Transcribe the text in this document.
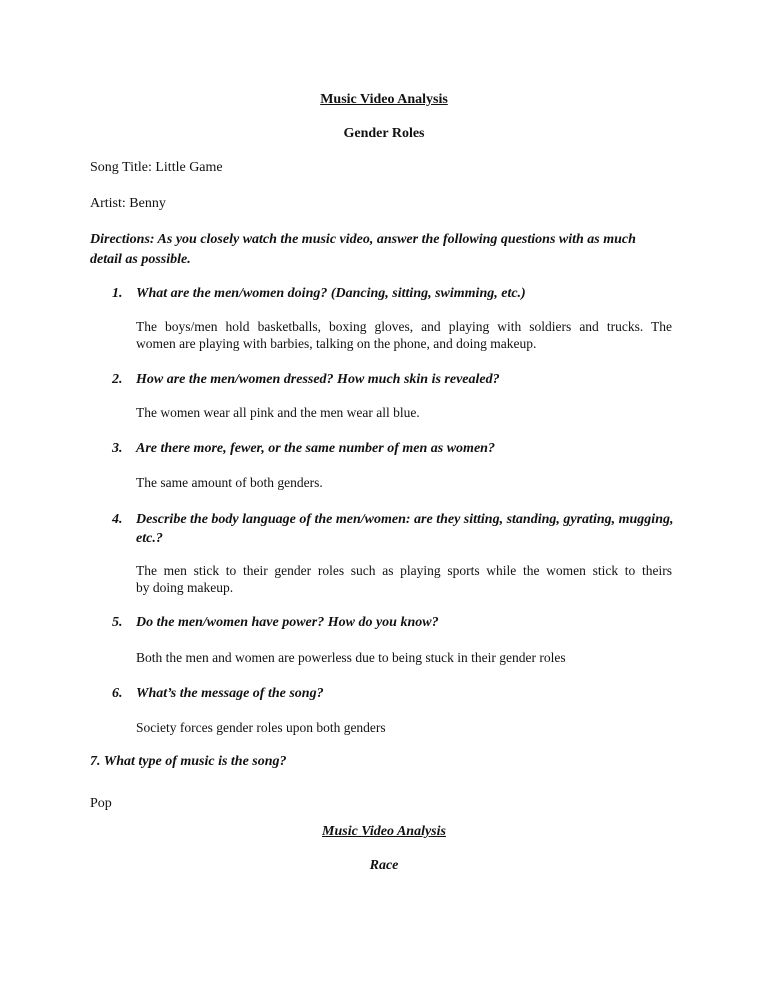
Music Video Analysis
Gender Roles
Song Title: Little Game
Artist: Benny
Directions: As you closely watch the music video, answer the following questions with as much detail as possible.
1. What are the men/women doing? (Dancing, sitting, swimming, etc.)
The boys/men hold basketballs, boxing gloves, and playing with soldiers and trucks. The
women are playing with barbies, talking on the phone, and doing makeup.
2. How are the men/women dressed? How much skin is revealed?
The women wear all pink and the men wear all blue.
3. Are there more, fewer, or the same number of men as women?
The same amount of both genders.
4. Describe the body language of the men/women: are they sitting, standing, gyrating, mugging, etc.?
The men stick to their gender roles such as playing sports while the women stick to theirs
by doing makeup.
5. Do the men/women have power? How do you know?
Both the men and women are powerless due to being stuck in their gender roles
6. What’s the message of the song?
Society forces gender roles upon both genders
7. What type of music is the song?
Pop
Music Video Analysis
Race
